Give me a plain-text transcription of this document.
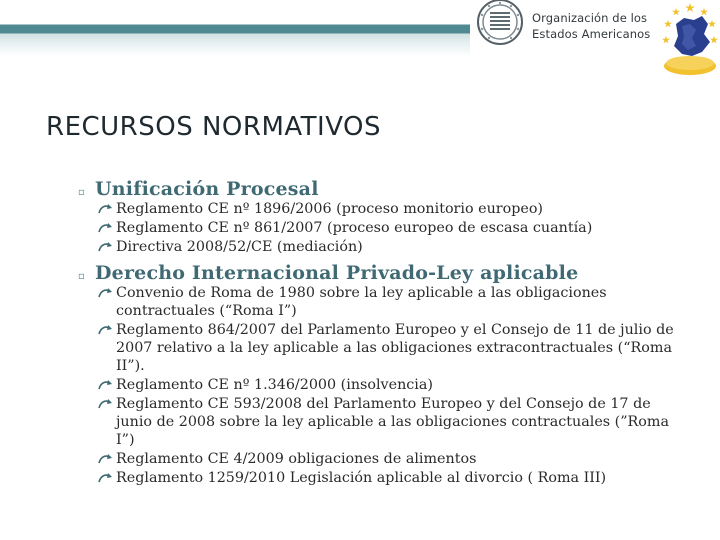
Organización de los
Estados Americanos
RECURSOS NORMATIVOS
▫ Unificación Procesal
Reglamento CE nº 1896/2006 (proceso monitorio europeo)
Reglamento CE nº 861/2007 (proceso europeo de escasa cuantía)
Directiva 2008/52/CE (mediación)
▫ Derecho Internacional Privado-Ley aplicable
Convenio de Roma de 1980 sobre la ley aplicable a las obligaciones contractuales (“Roma I”)
Reglamento 864/2007 del Parlamento Europeo y el Consejo de 11 de julio de 2007 relativo a la ley aplicable a las obligaciones extracontractuales (“Roma II”).
Reglamento CE nº 1.346/2000 (insolvencia)
Reglamento CE 593/2008 del Parlamento Europeo y del Consejo de 17 de junio de 2008 sobre la ley aplicable a las obligaciones contractuales (”Roma I”)
Reglamento CE 4/2009 obligaciones de alimentos
Reglamento 1259/2010 Legislación aplicable al divorcio ( Roma III)
